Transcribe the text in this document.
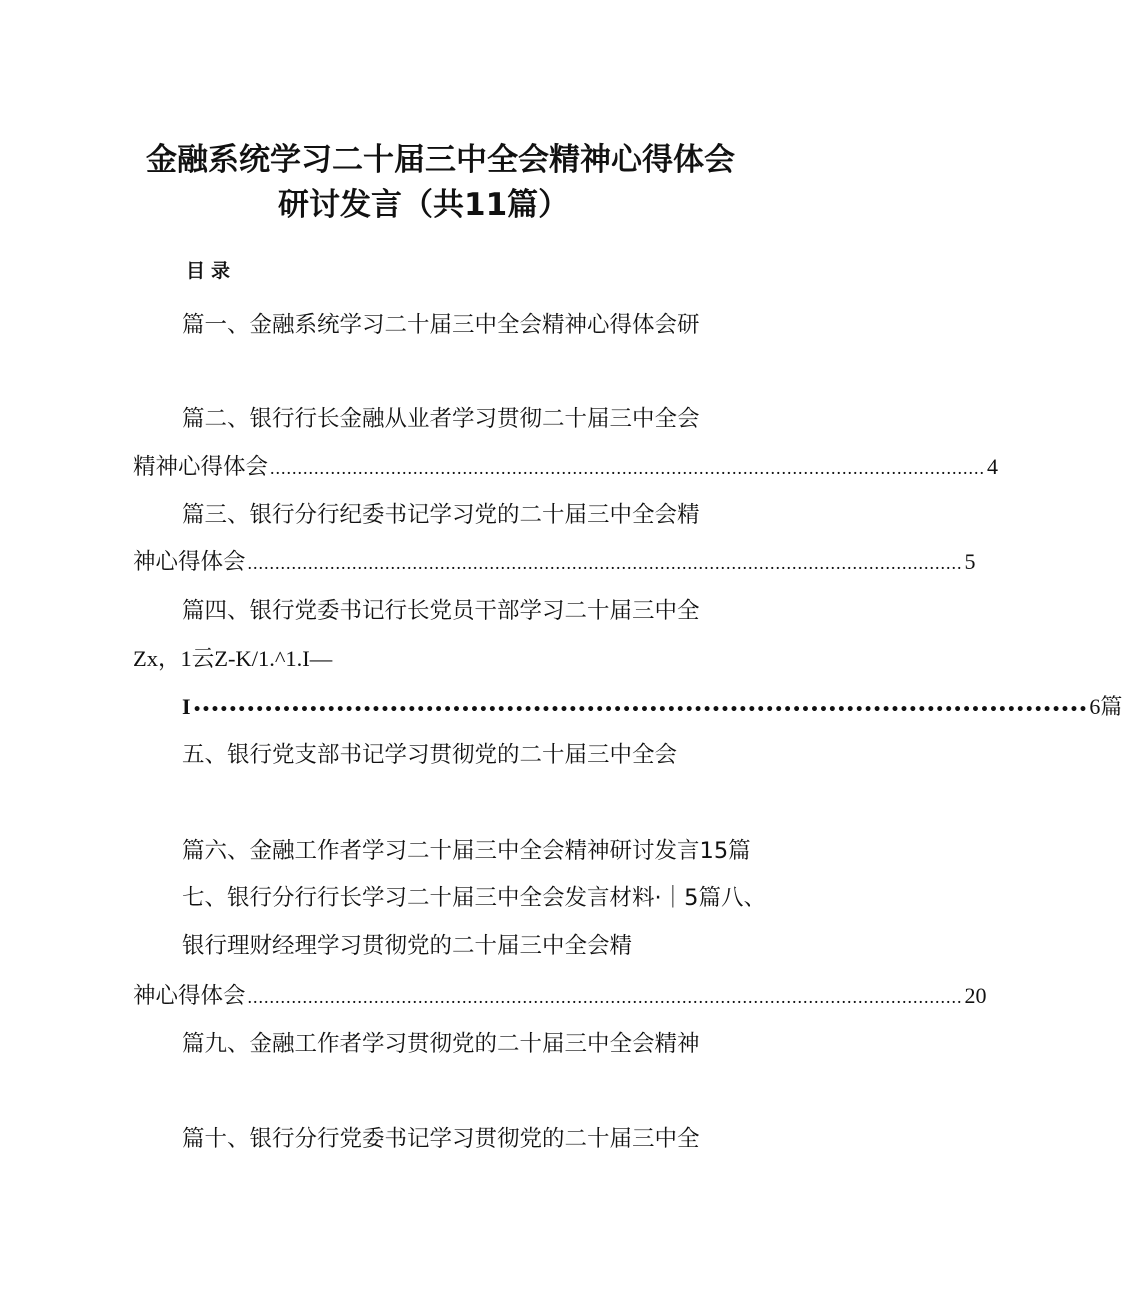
金融系统学习二十届三中全会精神心得体会
研讨发言（共11篇）
目录
篇一、金融系统学习二十届三中全会精神心得体会研
篇二、银行行长金融从业者学习贯彻二十届三中全会
精神心得体会 .................................................................................................................................. 4
篇三、银行分行纪委书记学习党的二十届三中全会精
神心得体会 .................................................................................................................................. 5
篇四、银行党委书记行长党员干部学习二十届三中全
Zx，1云Z-K/1.^1.I—
I •••••••••••••••••••••••••••••••••••••••••••••••••••••••••••••••••••••••••••••••••••••••••••••••••••• 6篇
五、银行党支部书记学习贯彻党的二十届三中全会
篇六、金融工作者学习二十届三中全会精神研讨发言15篇
七、银行分行行长学习二十届三中全会发言材料·｜5篇八、
银行理财经理学习贯彻党的二十届三中全会精
神心得体会 .................................................................................................................................. 20
篇九、金融工作者学习贯彻党的二十届三中全会精神
篇十、银行分行党委书记学习贯彻党的二十届三中全
